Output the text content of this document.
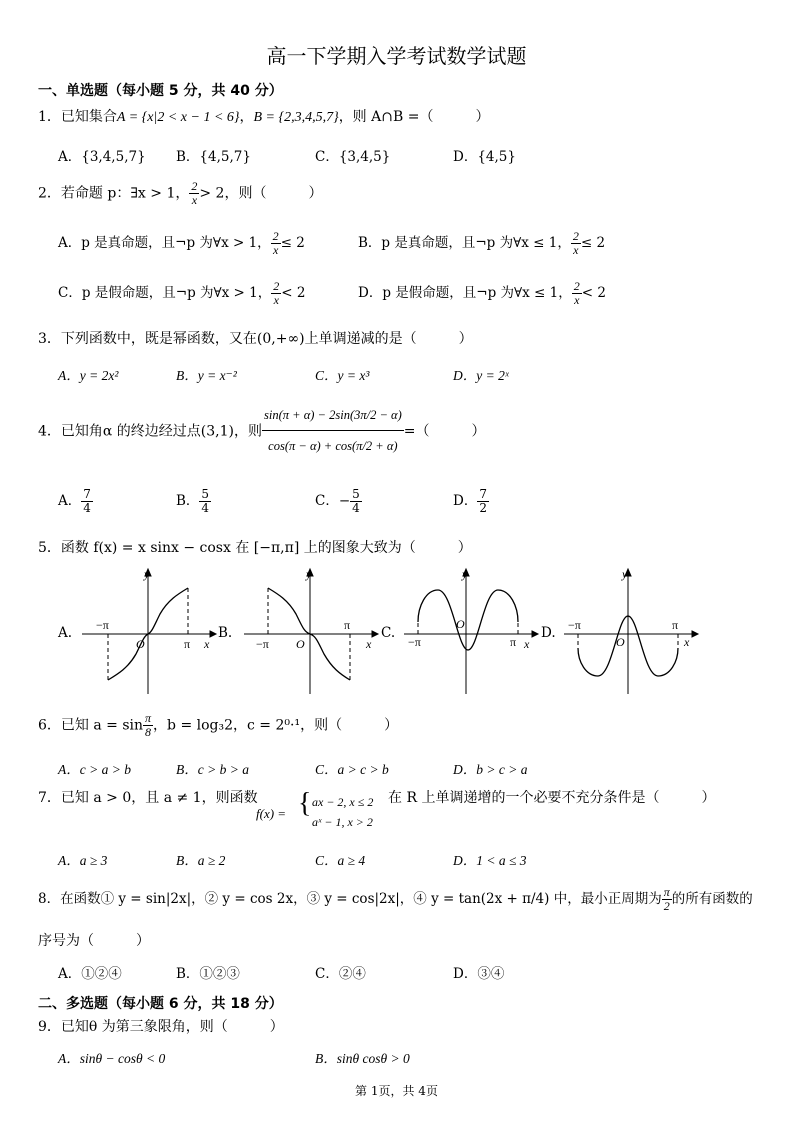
高一下学期入学考试数学试题
一、单选题（每小题 5 分，共 40 分）
1．已知集合A = {x|2 < x − 1 < 6}，B = {2,3,4,5,7}，则 A∩B =（　　　）
A．{3,4,5,7} B．{4,5,7}	C．{3,4,5}	D．{4,5}
2．若命题 p：∃x > 1， $\frac{2}{x} > 2$，则（　　　）
A．p 是真命题，且¬p 为∀x > 1， $\frac{2}{x} \le 2$	B．p 是真命题，且¬p 为∀x ≤ 1， $\frac{2}{x} \le 2$
C．p 是假命题，且¬p 为∀x > 1， $\frac{2}{x} < 2$	D．p 是假命题，且¬p 为∀x ≤ 1， $\frac{2}{x} < 2$
3．下列函数中，既是幂函数，又在(0,+∞)上单调递减的是（　　　）
A．y = 2x²	B．y = x⁻²	C．y = x³	D．y = 2ˣ
4．已知角α 的终边经过点(3,1)，则 $\frac{\sin(\pi + \alpha) - 2\sin(3\pi/2 - \alpha)}{\cos(\pi - \alpha) + \cos(\pi/2 + \alpha)}$ =（　　　）
A． $\frac{7}{4}$	B． $\frac{5}{4}$	C．− $\frac{5}{4}$	D． $\frac{7}{2}$
5．函数 f(x) = x sinx − cosx 在 [−π,π] 上的图象大致为（　　　）
A.	B.	C.	D.
y
x
O
−π
π
y
x
O
−π
π
y
x
O
−π	π
y
x
O
−π	π
6．已知 $a = \sin \frac{\pi}{8}$ ，b = log₃2，c = 2⁰·¹，则（　　　）
A．c > a > b	B．c > b > a	C．a > c > b	D．b > c > a
7．已知 a > 0，且 a ≠ 1，则函数
f(x) = { ax − 2, x ≤ 2
aˣ − 1, x > 2
在 R 上单调递增的一个必要不充分条件是（　　　）
A．a ≥ 3	B．a ≥ 2	C．a ≥ 4	D．1 < a ≤ 3
8．在函数① y = sin|2x|，② y = cos 2x，③ y = cos|2x|，④ y = tan(2x + π/4) 中，最小正周期为 $\frac{\pi}{2}$ 的所有函数的
序号为（　　　）
A．①②④	B．①②③	C．②④	D．③④
二、多选题（每小题 6 分，共 18 分）
9．已知θ 为第三象限角，则（　　　）
A．sinθ − cosθ < 0	B．sinθ cosθ > 0
第 1页，共 4页
